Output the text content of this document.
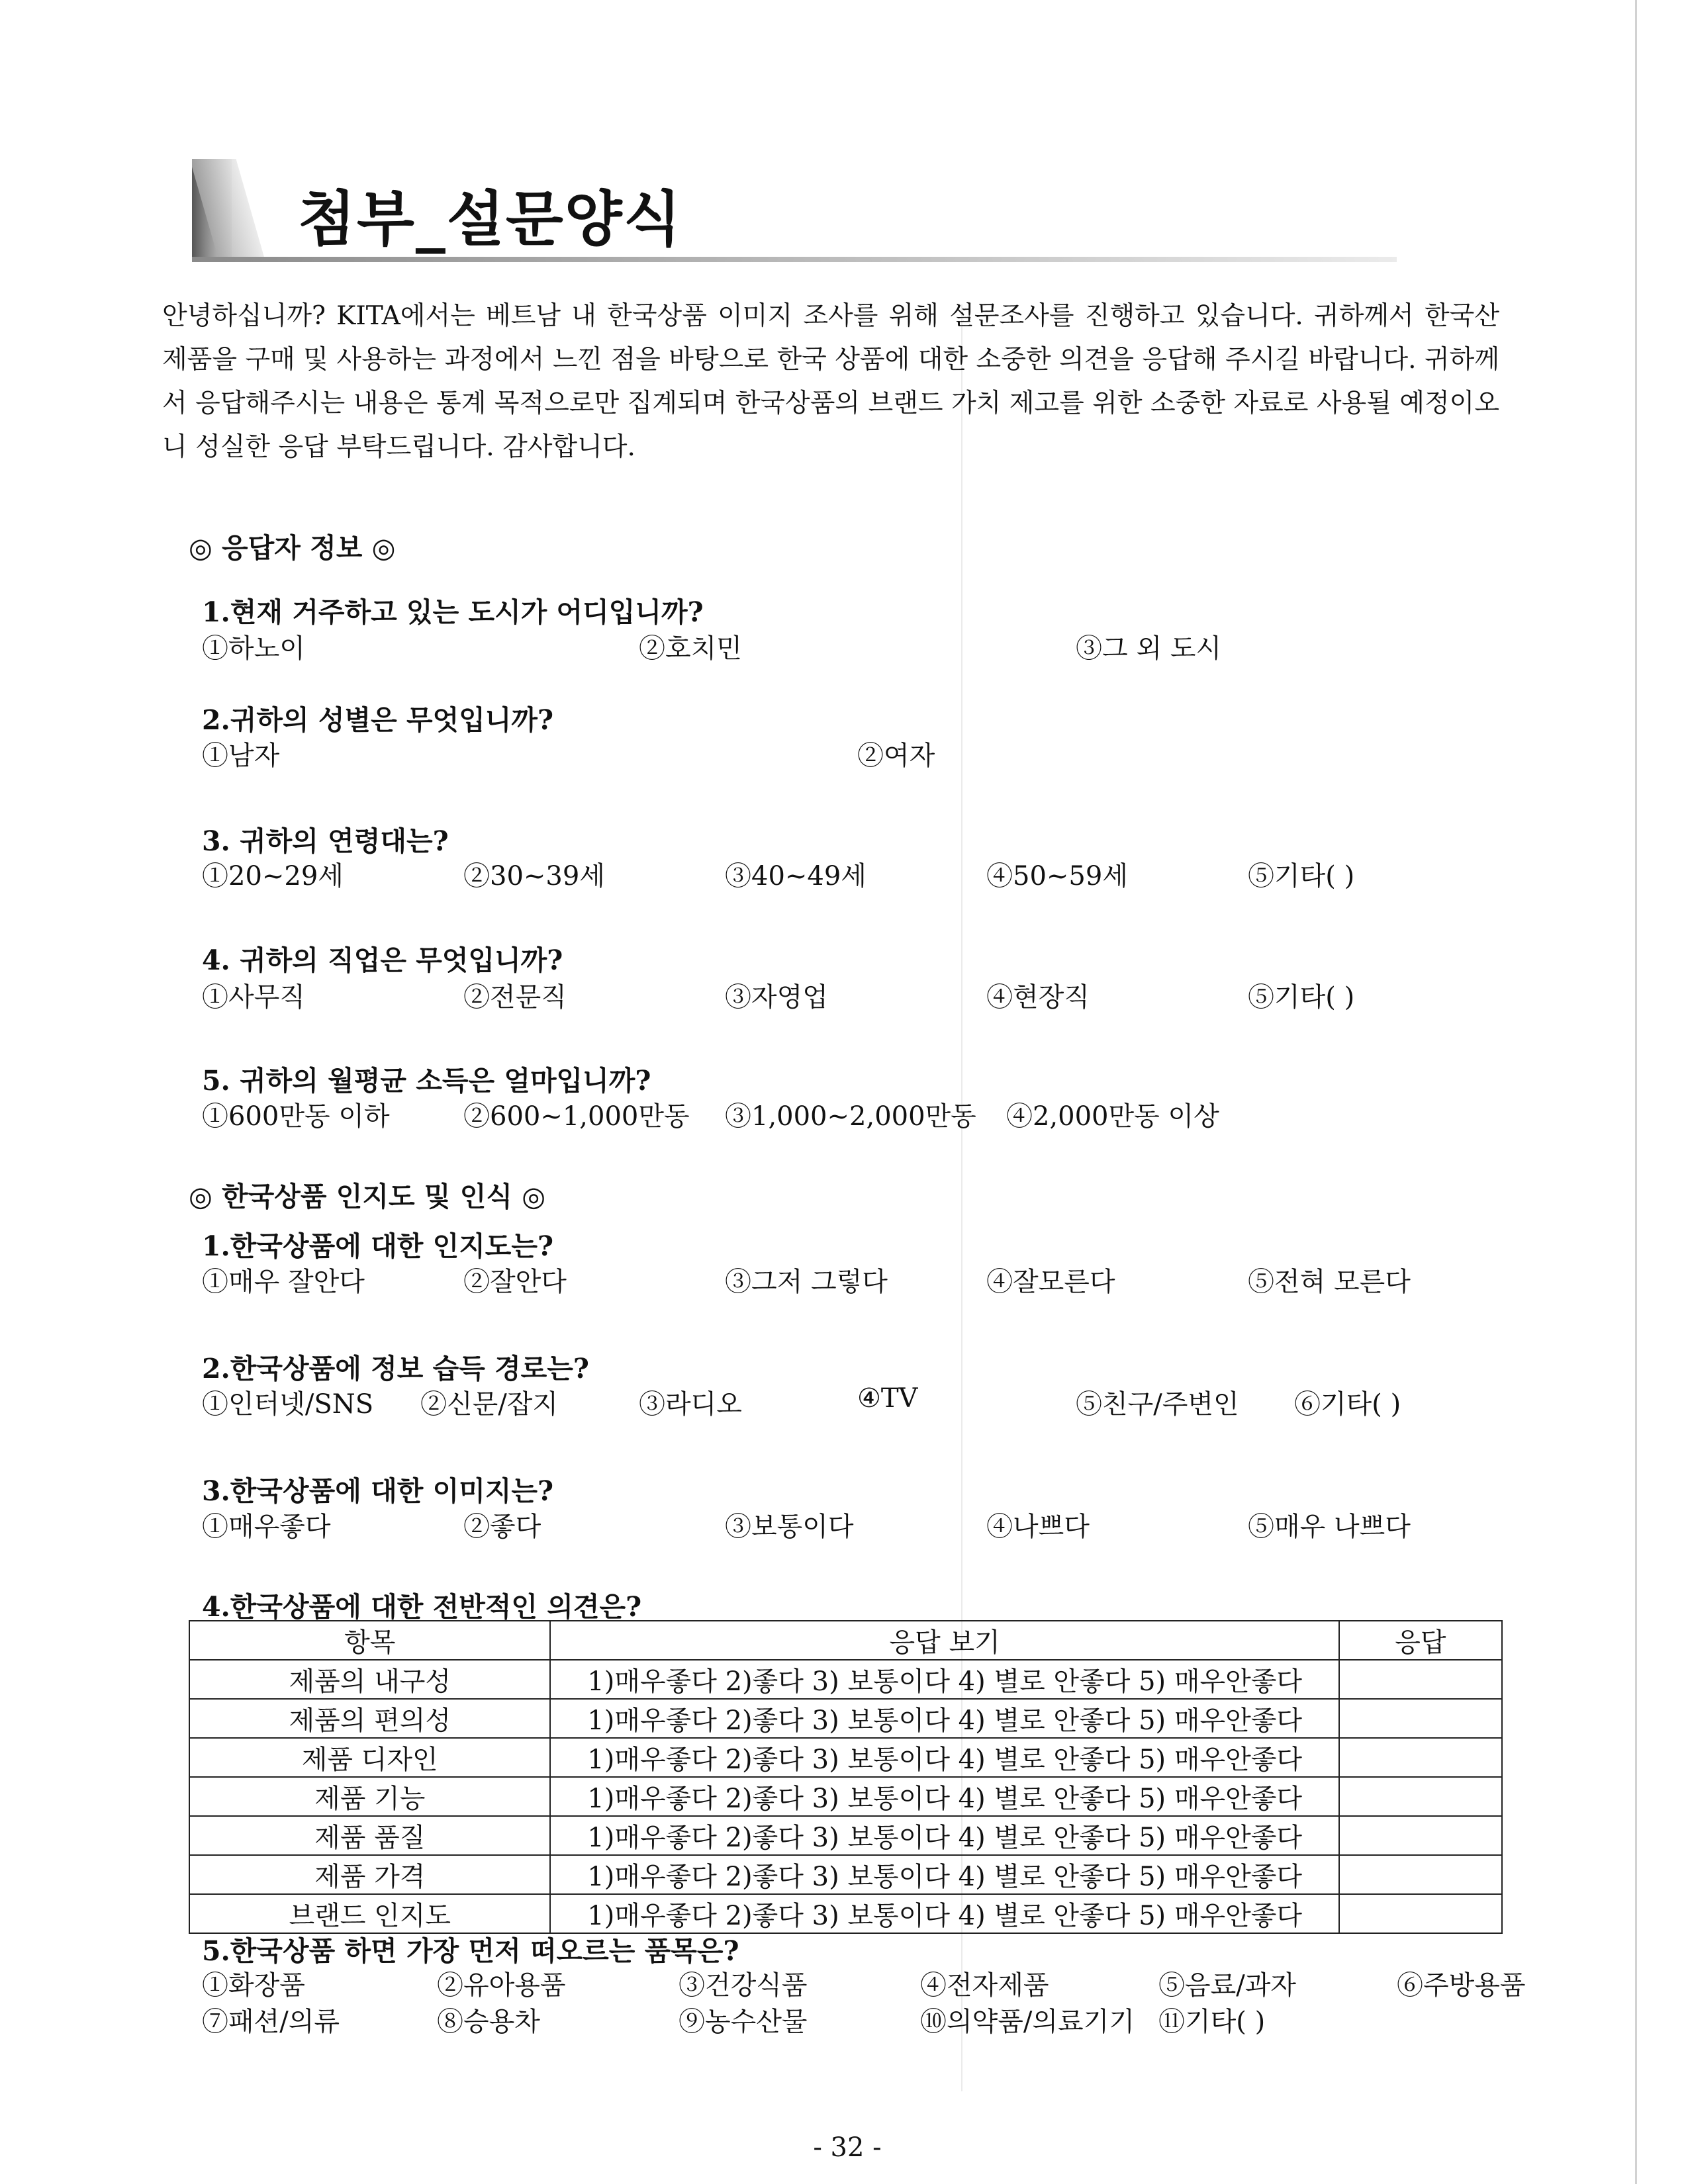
첨부_설문양식
안녕하십니까? KITA에서는 베트남 내 한국상품 이미지 조사를 위해 설문조사를 진행하고 있습니다. 귀하께서 한국산 제품을 구매 및 사용하는 과정에서 느낀 점을 바탕으로 한국 상품에 대한 소중한 의견을 응답해 주시길 바랍니다. 귀하께서 응답해주시는 내용은 통계 목적으로만 집계되며 한국상품의 브랜드 가치 제고를 위한 소중한 자료로 사용될 예정이오니 성실한 응답 부탁드립니다. 감사합니다.
◎ 응답자 정보 ◎
1.현재 거주하고 있는 도시가 어디입니까?
①하노이	②호치민	③그 외 도시
2.귀하의 성별은 무엇입니까?
①남자	②여자
3. 귀하의 연령대는?
①20~29세	②30~39세	③40~49세	④50~59세	⑤기타( )
4. 귀하의 직업은 무엇입니까?
①사무직	②전문직	③자영업	④현장직	⑤기타( )
5. 귀하의 월평균 소득은 얼마입니까?
①600만동 이하	②600~1,000만동 ③1,000~2,000만동 ④2,000만동 이상
◎ 한국상품 인지도 및 인식 ◎
1.한국상품에 대한 인지도는?
①매우 잘안다	②잘안다	③그저 그렇다	④잘모른다	⑤전혀 모른다
2.한국상품에 정보 습득 경로는?
①인터넷/SNS ②신문/잡지	③라디오	④TV	⑤친구/주변인 ⑥기타( )
3.한국상품에 대한 이미지는?
①매우좋다	②좋다	③보통이다	④나쁘다	⑤매우 나쁘다
4.한국상품에 대한 전반적인 의견은?
항목	응답 보기	응답
제품의 내구성	1)매우좋다 2)좋다 3) 보통이다 4) 별로 안좋다 5) 매우안좋다	
제품의 편의성	1)매우좋다 2)좋다 3) 보통이다 4) 별로 안좋다 5) 매우안좋다	
제품 디자인	1)매우좋다 2)좋다 3) 보통이다 4) 별로 안좋다 5) 매우안좋다	
제품 기능	1)매우좋다 2)좋다 3) 보통이다 4) 별로 안좋다 5) 매우안좋다	
제품 품질	1)매우좋다 2)좋다 3) 보통이다 4) 별로 안좋다 5) 매우안좋다	
제품 가격	1)매우좋다 2)좋다 3) 보통이다 4) 별로 안좋다 5) 매우안좋다	
브랜드 인지도	1)매우좋다 2)좋다 3) 보통이다 4) 별로 안좋다 5) 매우안좋다	
5.한국상품 하면 가장 먼저 떠오르는 품목은?
①화장품	②유아용품	③건강식품	④전자제품	⑤음료/과자	⑥주방용품
⑦패션/의류	⑧승용차	⑨농수산물	⑩의약품/의료기기 ⑪기타( )
- 32 -
